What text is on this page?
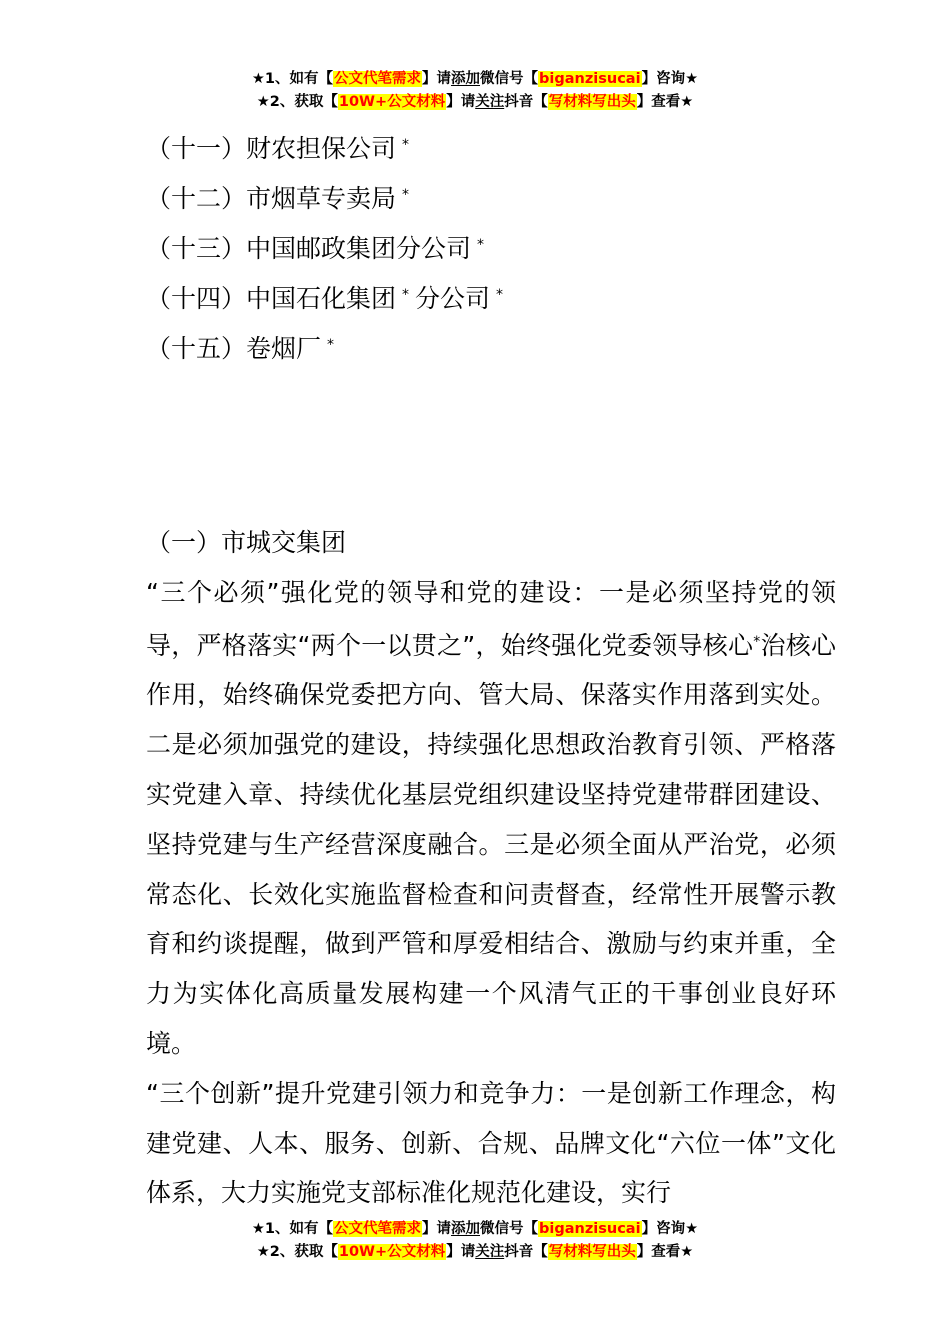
★1、如有【公文代笔需求】请添加微信号【biganzisucai】咨询★
★2、获取【10W+公文材料】请关注抖音【写材料写出头】查看★
（十一）财农担保公司 *
（十二）市烟草专卖局 *
（十三）中国邮政集团分公司 *
（十四）中国石化集团 * 分公司 *
（十五）卷烟厂 *

（一）市城交集团

“三个必须”强化党的领导和党的建设：一是必须坚持党的领导，严格落实“两个一以贯之”，始终强化党委领导核心*治核心作用，始终确保党委把方向、管大局、保落实作用落到实处。二是必须加强党的建设，持续强化思想政治教育引领、严格落实党建入章、持续优化基层党组织建设坚持党建带群团建设、坚持党建与生产经营深度融合。三是必须全面从严治党，必须常态化、长效化实施监督检查和问责督查，经常性开展警示教育和约谈提醒，做到严管和厚爱相结合、激励与约束并重，全力为实体化高质量发展构建一个风清气正的干事创业良好环境。

“三个创新”提升党建引领力和竞争力：一是创新工作理念，构建党建、人本、服务、创新、合规、品牌文化“六位一体”文化体系，大力实施党支部标准化规范化建设，实行

★1、如有【公文代笔需求】请添加微信号【biganzisucai】咨询★
★2、获取【10W+公文材料】请关注抖音【写材料写出头】查看★
